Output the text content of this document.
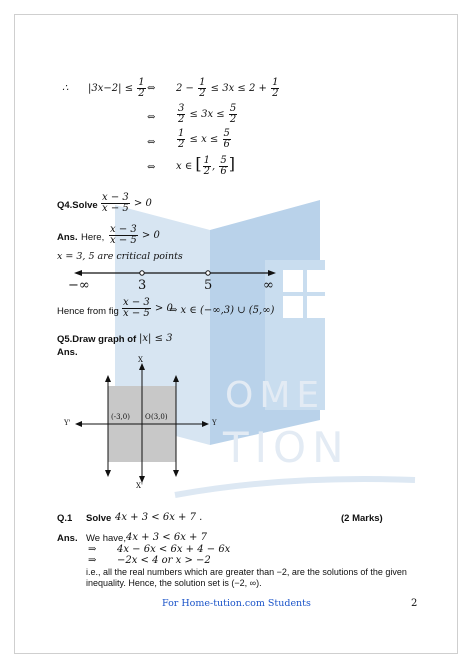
OME
TION
∴ $|3x-2| \le \frac{1}{2}$ ⇔ $2 - \frac{1}{2} \le 3x \le 2 + \frac{1}{2}$
⇔ $\frac{3}{2} \le 3x \le \frac{5}{2}$
⇔ $\frac{1}{2} \le x \le \frac{5}{6}$
⇔ x ∈ [ $\frac{1}{2}$ , $\frac{5}{6}$ ]
Q4.Solve $\frac{x - 3}{x - 5} > 0$
Ans. Here, $\frac{x - 3}{x - 5} > 0$
x = 3, 5 are critical points
−∞	3	5	∞
Hence from fig $\frac{x - 3}{x - 5} > 0$
⇒ x ∈ (−∞,3) ∪ (5,∞)
Q5.Draw graph of |x| ≤ 3
Ans.
X
X'
Y'	Y
O
(-3,0)	(3,0)
Q.1 Solve 4x + 3 < 6x + 7 .	(2 Marks)
Ans. We have, 4x + 3 < 6x + 7
⇒ 4x − 6x < 6x + 4 − 6x
⇒ −2x < 4 or x > −2
i.e., all the real numbers which are greater than −2, are the solutions of the given
inequality. Hence, the solution set is (−2, ∞).
For Home-tution.com Students	2
